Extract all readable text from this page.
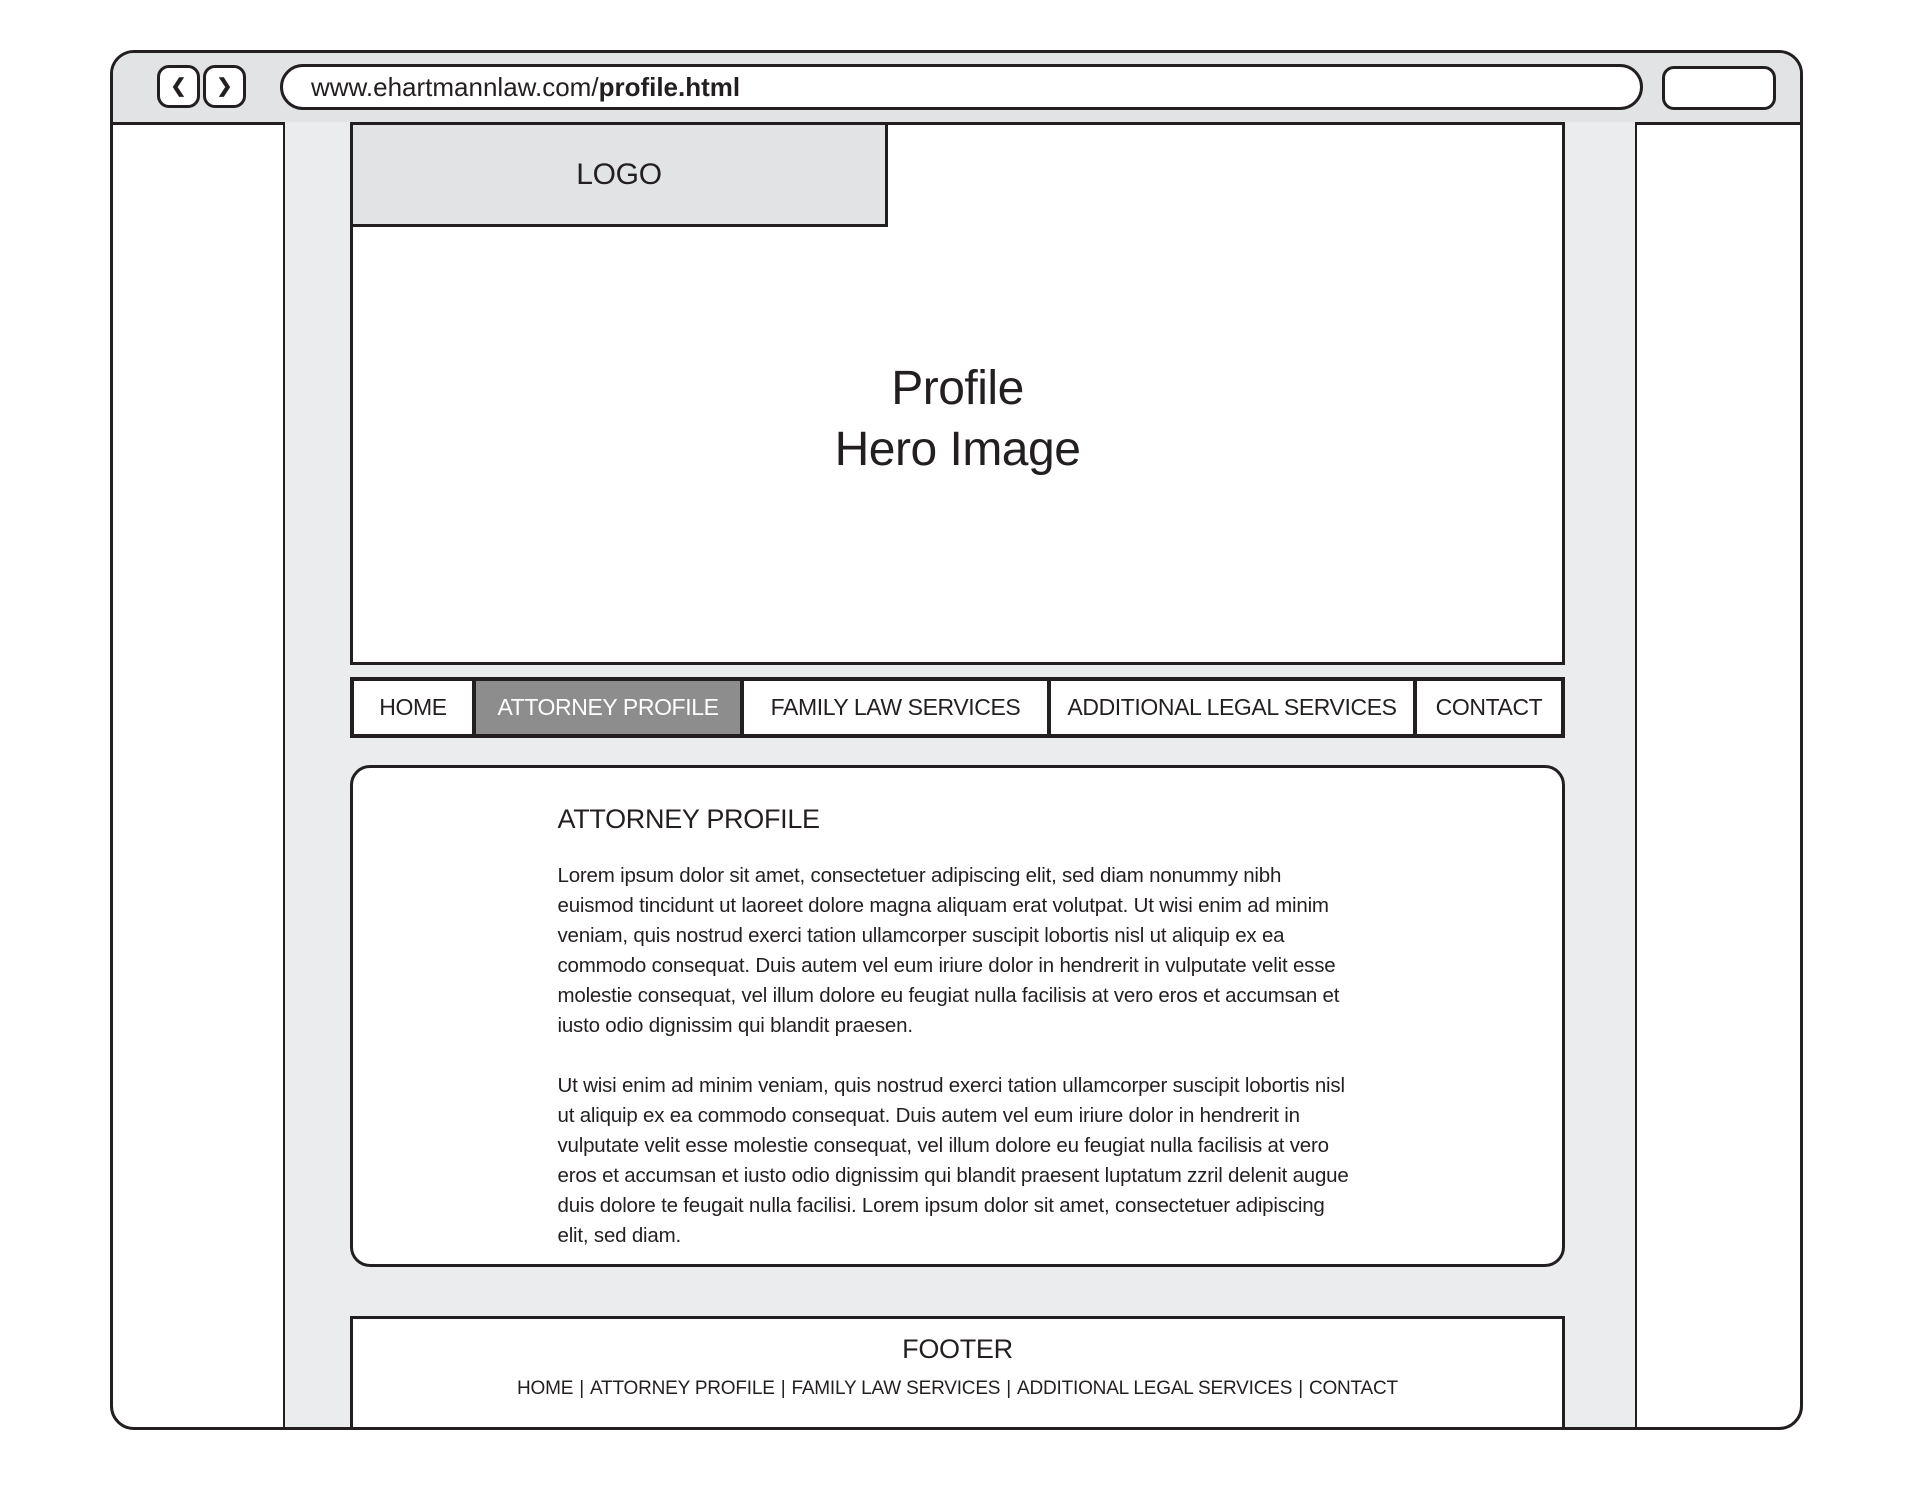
❮ ❯	www.ehartmannlaw.com/ profile.html
Profile
Hero Image
LOGO
HOME ATTORNEY PROFILE FAMILY LAW SERVICES ADDITIONAL LEGAL SERVICES CONTACT
ATTORNEY PROFILE

Lorem ipsum dolor sit amet, consectetuer adipiscing elit, sed diam nonummy nibh euismod tincidunt ut laoreet dolore magna aliquam erat volutpat. Ut wisi enim ad minim veniam, quis nostrud exerci tation ullamcorper suscipit lobortis nisl ut aliquip ex ea commodo consequat. Duis autem vel eum iriure dolor in hendrerit in vulputate velit esse molestie consequat, vel illum dolore eu feugiat nulla facilisis at vero eros et accumsan et iusto odio dignissim qui blandit praesen.

Ut wisi enim ad minim veniam, quis nostrud exerci tation ullamcorper suscipit lobortis nisl ut aliquip ex ea commodo consequat. Duis autem vel eum iriure dolor in hendrerit in vulputate velit esse molestie consequat, vel illum dolore eu feugiat nulla facilisis at vero eros et accumsan et iusto odio dignissim qui blandit praesent luptatum zzril delenit augue duis dolore te feugait nulla facilisi. Lorem ipsum dolor sit amet, consectetuer adipiscing elit, sed diam.

FOOTER
HOME | ATTORNEY PROFILE | FAMILY LAW SERVICES | ADDITIONAL LEGAL SERVICES | CONTACT
